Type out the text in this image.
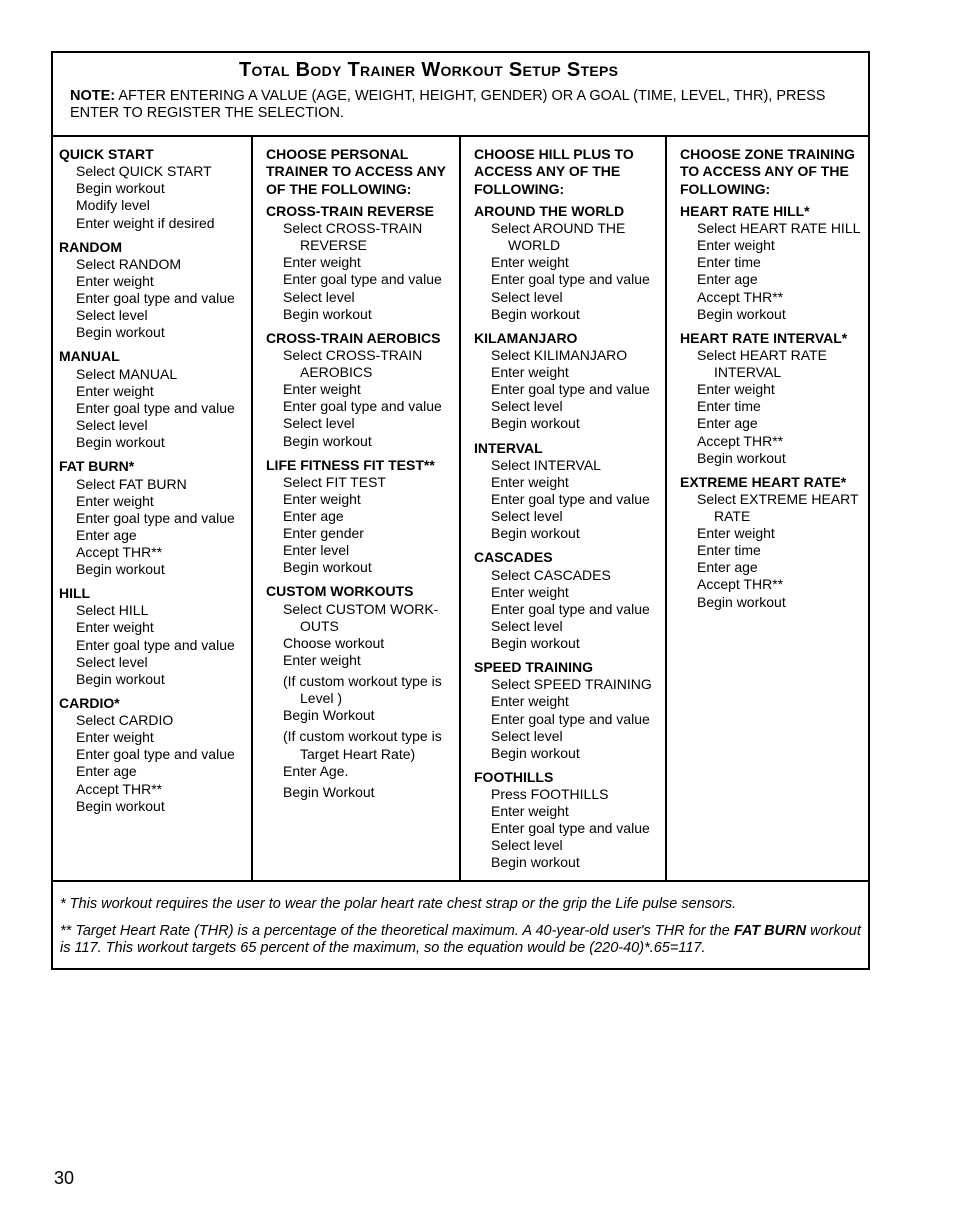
Total Body Trainer Workout Setup Steps
NOTE: AFTER ENTERING A VALUE (AGE, WEIGHT, HEIGHT, GENDER) OR A GOAL (TIME, LEVEL, THR), PRESS ENTER TO REGISTER THE SELECTION.
QUICK START
Select QUICK START
Begin workout
Modify level
Enter weight if desired
RANDOM
Select RANDOM
Enter weight
Enter goal type and value
Select level
Begin workout
MANUAL
Select MANUAL
Enter weight
Enter goal type and value
Select level
Begin workout
FAT BURN*
Select FAT BURN
Enter weight
Enter goal type and value
Enter age
Accept THR**
Begin workout
HILL
Select HILL
Enter weight
Enter goal type and value
Select level
Begin workout
CARDIO*
Select CARDIO
Enter weight
Enter goal type and value
Enter age
Accept THR**
Begin workout
CHOOSE PERSONAL TRAINER TO ACCESS ANY OF THE FOLLOWING:
CROSS-TRAIN REVERSE
Select CROSS-TRAIN REVERSE
Enter weight
Enter goal type and value
Select level
Begin workout
CROSS-TRAIN AEROBICS
Select CROSS-TRAIN AEROBICS
Enter weight
Enter goal type and value
Select level
Begin workout
LIFE FITNESS FIT TEST**
Select FIT TEST
Enter weight
Enter age
Enter gender
Enter level
Begin workout
CUSTOM WORKOUTS
Select CUSTOM WORK-OUTS
Choose workout
Enter weight
(If custom workout type is Level )
Begin Workout
(If custom workout type is Target Heart Rate)
Enter Age.
Begin Workout
CHOOSE HILL PLUS TO ACCESS ANY OF THE FOLLOWING:
AROUND THE WORLD
Select AROUND THE WORLD
Enter weight
Enter goal type and value
Select level
Begin workout
KILAMANJARO
Select KILIMANJARO
Enter weight
Enter goal type and value
Select level
Begin workout
INTERVAL
Select INTERVAL
Enter weight
Enter goal type and value
Select level
Begin workout
CASCADES
Select CASCADES
Enter weight
Enter goal type and value
Select level
Begin workout
SPEED TRAINING
Select SPEED TRAINING
Enter weight
Enter goal type and value
Select level
Begin workout
FOOTHILLS
Press FOOTHILLS
Enter weight
Enter goal type and value
Select level
Begin workout
CHOOSE ZONE TRAINING TO ACCESS ANY OF THE FOLLOWING:
HEART RATE HILL*
Select HEART RATE HILL
Enter weight
Enter time
Enter age
Accept THR**
Begin workout
HEART RATE INTERVAL*
Select HEART RATE INTERVAL
Enter weight
Enter time
Enter age
Accept THR**
Begin workout
EXTREME HEART RATE*
Select EXTREME HEART RATE
Enter weight
Enter time
Enter age
Accept THR**
Begin workout

* This workout requires the user to wear the polar heart rate chest strap or the grip the Life pulse sensors.

** Target Heart Rate (THR) is a percentage of the theoretical maximum. A 40-year-old user's THR for the FAT BURN workout is 117. This workout targets 65 percent of the maximum, so the equation would be (220-40)*.65=117.

30
